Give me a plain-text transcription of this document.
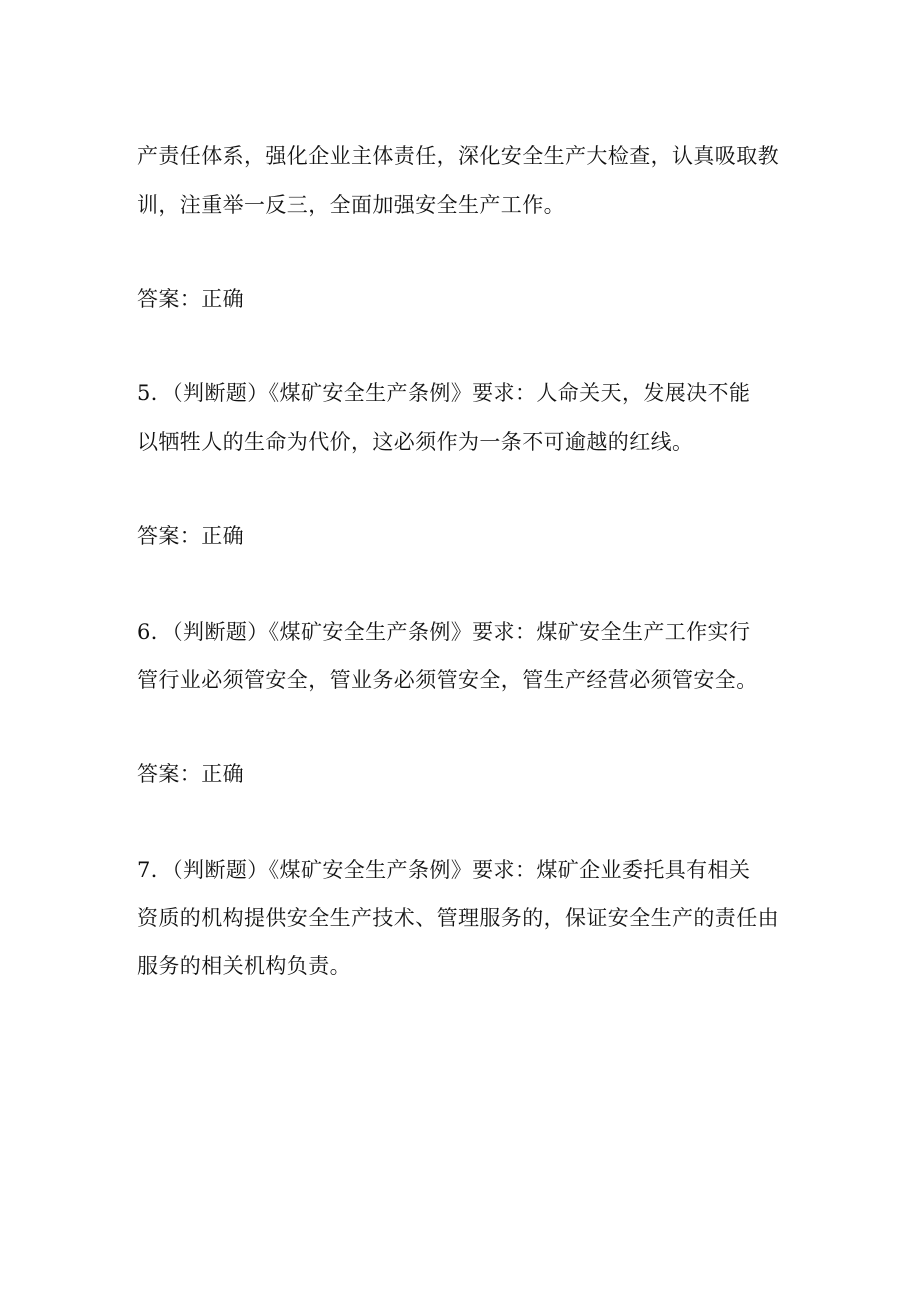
产责任体系，强化企业主体责任，深化安全生产大检查，认真吸取教
训，注重举一反三，全面加强安全生产工作。
答案：正确
5．（判断题）《煤矿安全生产条例》要求：人命关天，发展决不能
以牺牲人的生命为代价，这必须作为一条不可逾越的红线。
答案：正确
6．（判断题）《煤矿安全生产条例》要求：煤矿安全生产工作实行
管行业必须管安全，管业务必须管安全，管生产经营必须管安全。
答案：正确
7．（判断题）《煤矿安全生产条例》要求：煤矿企业委托具有相关
资质的机构提供安全生产技术、管理服务的，保证安全生产的责任由
服务的相关机构负责。
